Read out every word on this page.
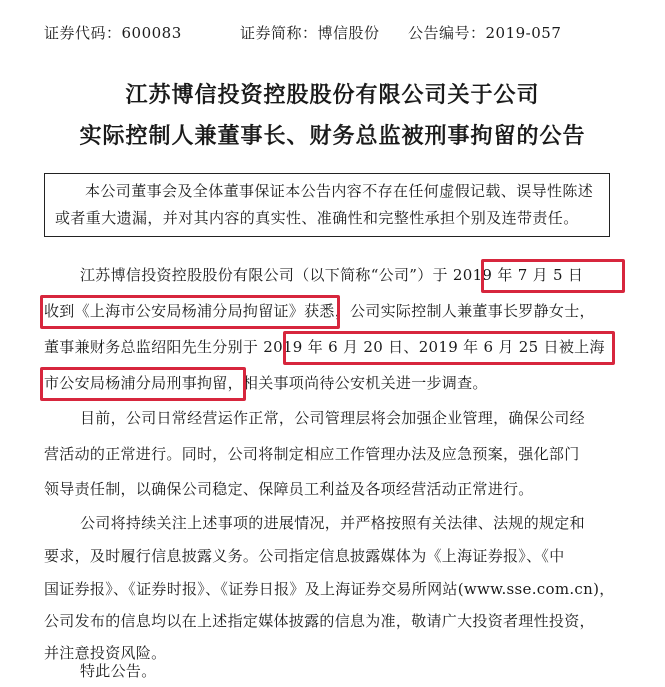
证券代码：600083	证券简称：博信股份 公告编号：2019-057
江苏博信投资控股股份有限公司关于公司
实际控制人兼董事长、财务总监被刑事拘留的公告

本公司董事会及全体董事保证本公告内容不存在任何虚假记载、误导性陈述或者重大遗漏，并对其内容的真实性、准确性和完整性承担个别及连带责任。

江苏博信投资控股股份有限公司（以下简称“公司”）于 2019 年 7 月 5 日
收到《上海市公安局杨浦分局拘留证》获悉，公司实际控制人兼董事长罗静女士，
董事兼财务总监绍阳先生分别于 2019 年 6 月 20 日、2019 年 6 月 25 日被上海
市公安局杨浦分局刑事拘留，相关事项尚待公安机关进一步调查。
目前，公司日常经营运作正常，公司管理层将会加强企业管理，确保公司经
营活动的正常进行。同时，公司将制定相应工作管理办法及应急预案，强化部门
领导责任制，以确保公司稳定、保障员工利益及各项经营活动正常进行。
公司将持续关注上述事项的进展情况，并严格按照有关法律、法规的规定和
要求，及时履行信息披露义务。公司指定信息披露媒体为《上海证券报》、《中
国证券报》、《证券时报》、《证券日报》及上海证券交易所网站(www.sse.com.cn)，
公司发布的信息均以在上述指定媒体披露的信息为准，敬请广大投资者理性投资，
并注意投资风险。
特此公告。
